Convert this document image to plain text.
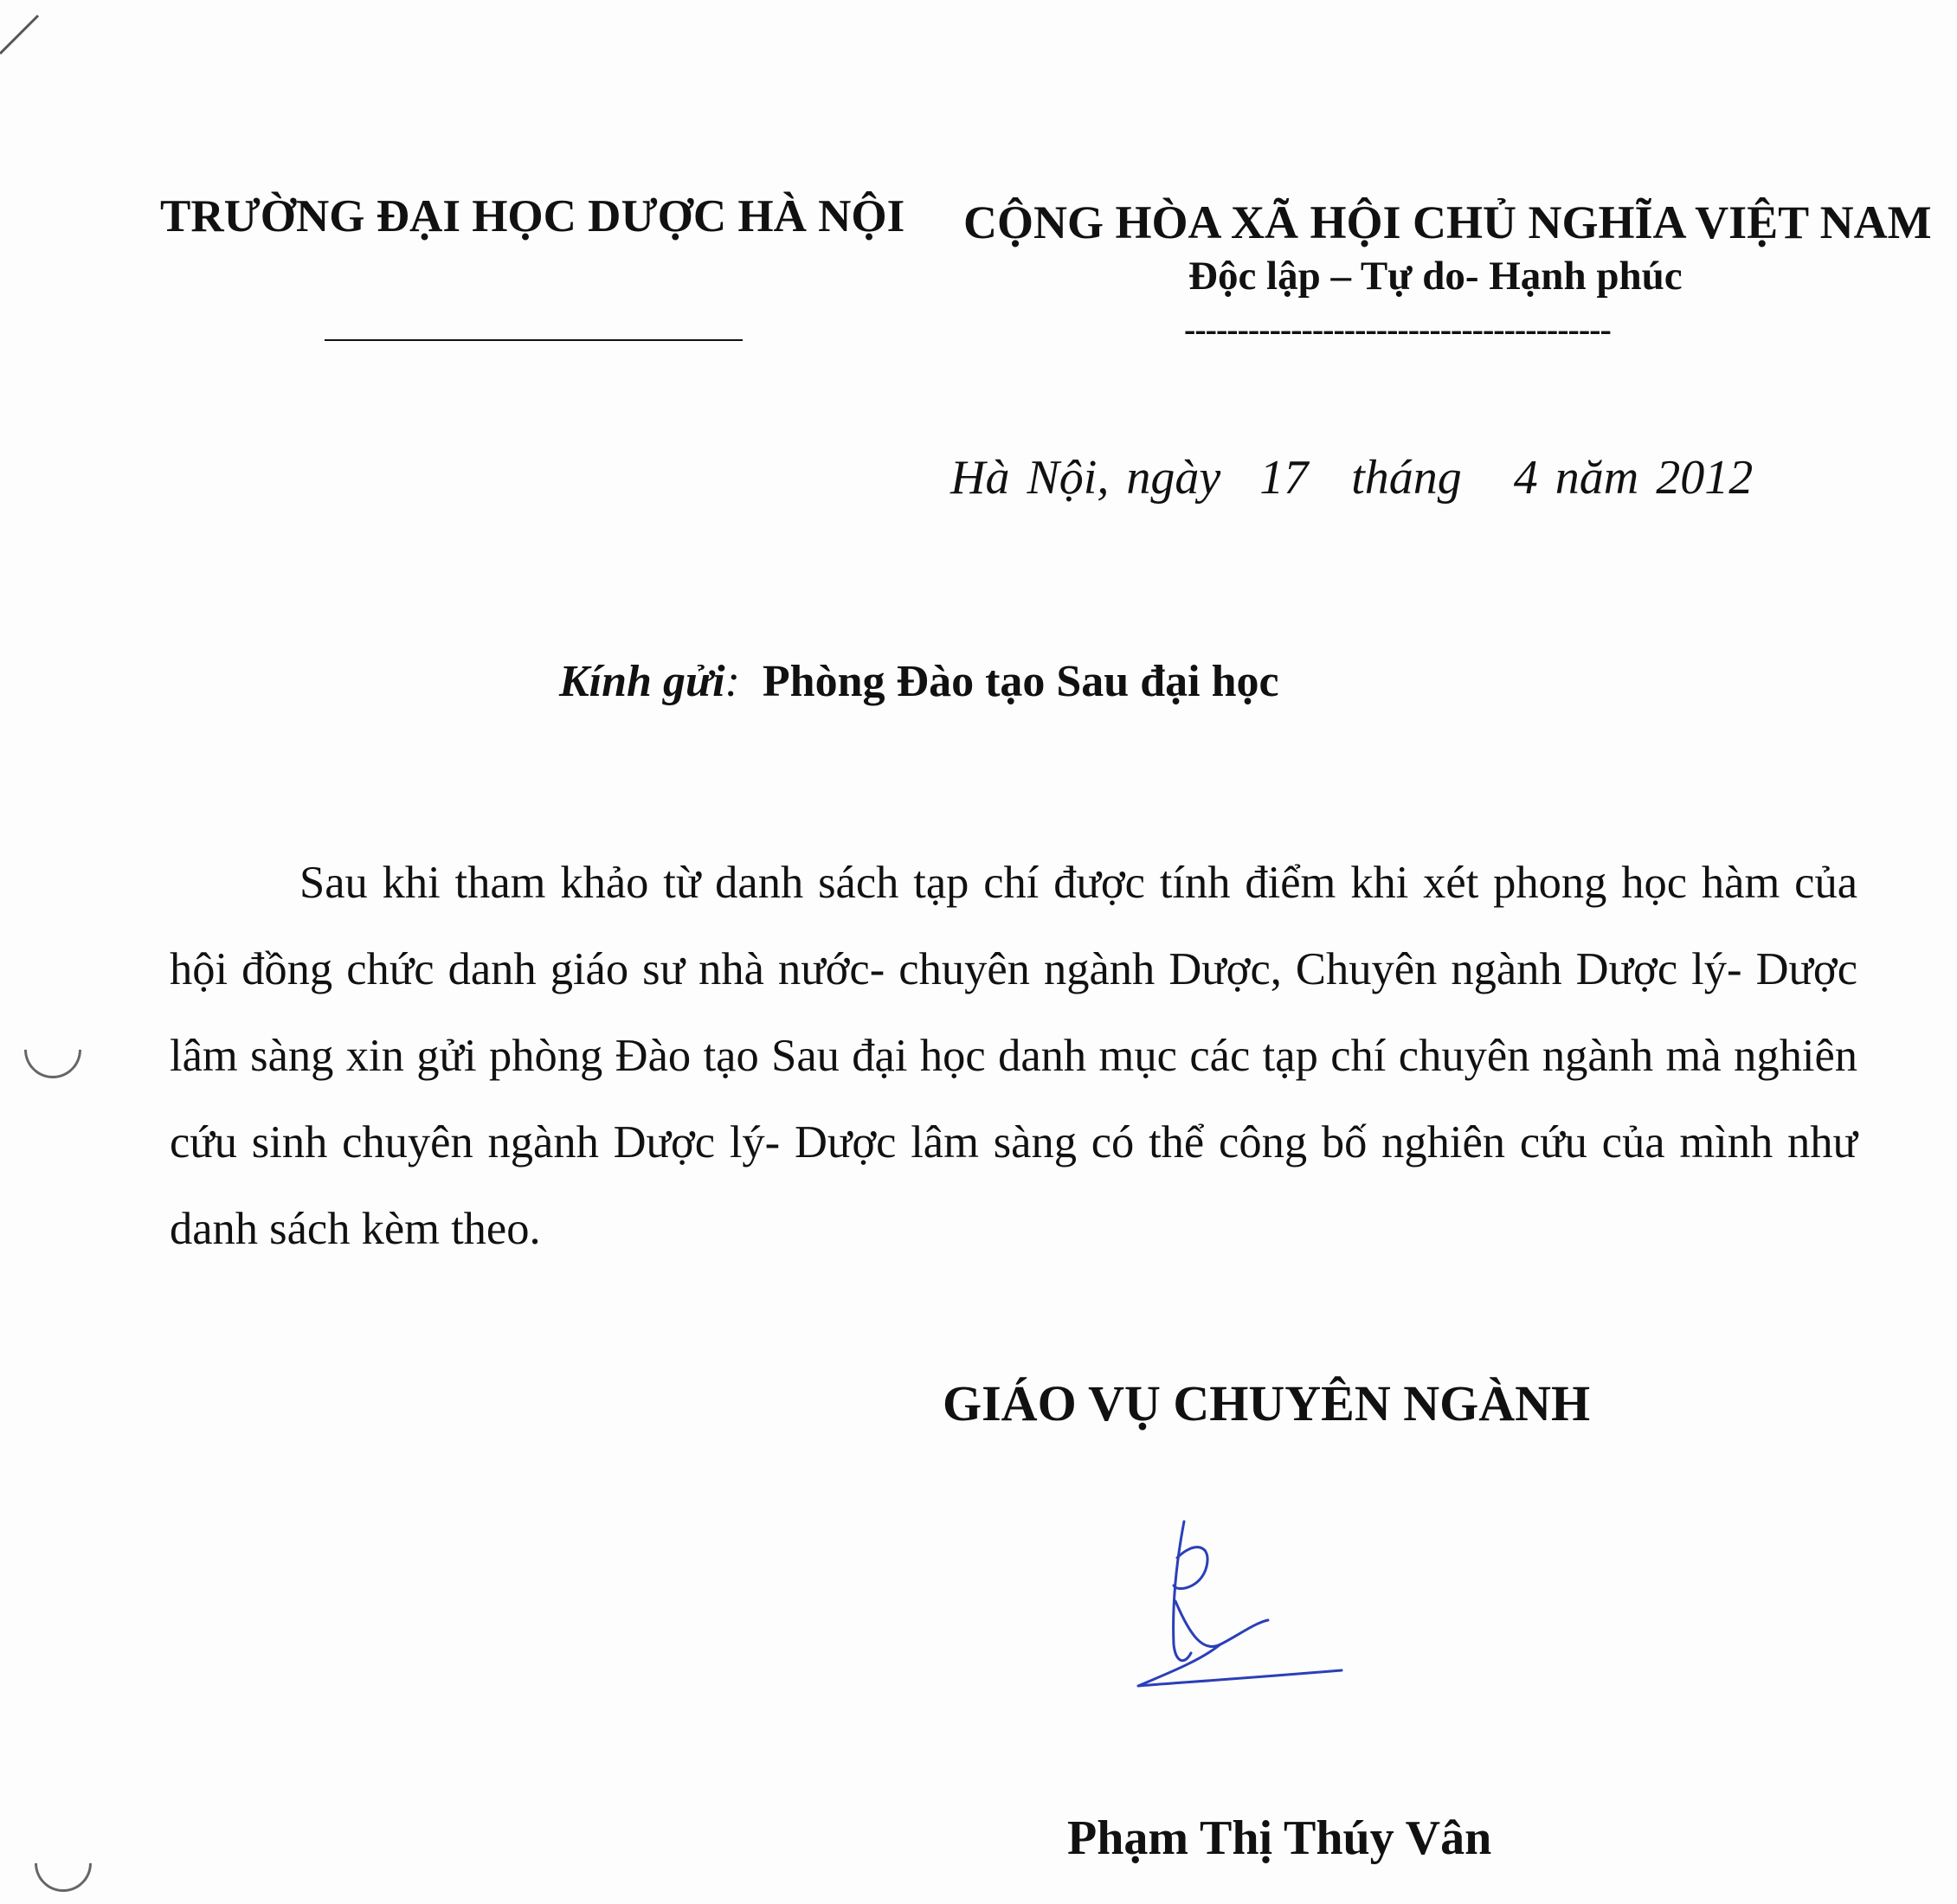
TRƯỜNG ĐẠI HỌC DƯỢC HÀ NỘI CỘNG HÒA XÃ HỘI CHỦ NGHĨA VIỆT NAM
Độc lập – Tự do- Hạnh phúc
----------------------------------------
Hà Nội, ngày 17 tháng 4 năm 2012
Kính gửi: Phòng Đào tạo Sau đại học

Sau khi tham khảo từ danh sách tạp chí được tính điểm khi xét phong học hàm của hội đồng chức danh giáo sư nhà nước- chuyên ngành Dược, Chuyên ngành Dược lý- Dược lâm sàng xin gửi phòng Đào tạo Sau đại học danh mục các tạp chí chuyên ngành mà nghiên cứu sinh chuyên ngành Dược lý- Dược lâm sàng có thể công bố nghiên cứu của mình như danh sách kèm theo.

GIÁO VỤ CHUYÊN NGÀNH
Phạm Thị Thúy Vân
